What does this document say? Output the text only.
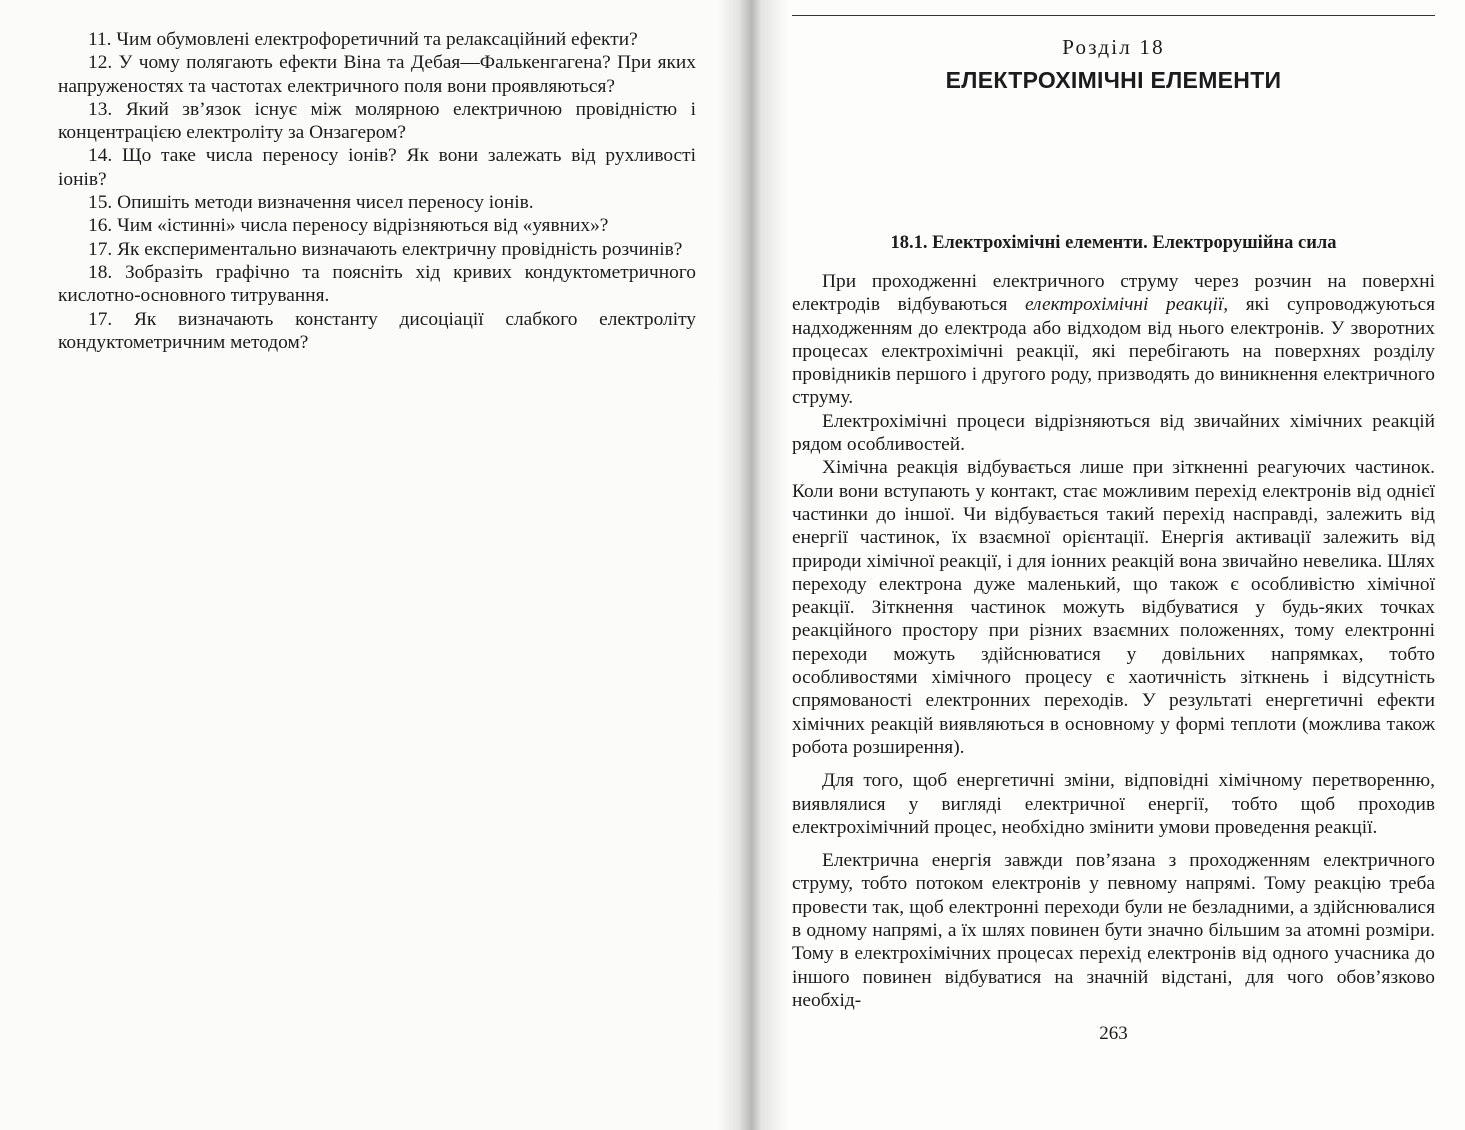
11. Чим обумовлені електрофоретичний та релаксаційний ефекти?

12. У чому полягають ефекти Віна та Дебая—Фалькенгагена? При яких напруженостях та частотах електричного поля вони проявляються?

13. Який зв’язок існує між молярною електричною провідністю і концентрацією електроліту за Онзагером?

14. Що таке числа переносу іонів? Як вони залежать від рухливості іонів?

15. Опишіть методи визначення чисел переносу іонів.

16. Чим «істинні» числа переносу відрізняються від «уявних»?

17. Як експериментально визначають електричну провідність розчинів?

18. Зобразіть графічно та поясніть хід кривих кондуктометричного кислотно-основного титрування.

17. Як визначають константу дисоціації слабкого електроліту кондуктометричним методом?

Розділ 18
ЕЛЕКТРОХІМІЧНІ ЕЛЕМЕНТИ
18.1. Електрохімічні елементи. Електрорушійна сила

При проходженні електричного струму через розчин на поверхні електродів відбуваються електрохімічні реакції, які супроводжуються надходженням до електрода або відходом від нього електронів. У зворотних процесах електрохімічні реакції, які перебігають на поверхнях розділу провідників першого і другого роду, призводять до виникнення електричного струму.

Електрохімічні процеси відрізняються від звичайних хімічних реакцій рядом особливостей.

Хімічна реакція відбувається лише при зіткненні реагуючих частинок. Коли вони вступають у контакт, стає можливим перехід електронів від однієї частинки до іншої. Чи відбувається такий перехід насправді, залежить від енергії частинок, їх взаємної орієнтації. Енергія активації залежить від природи хімічної реакції, і для іонних реакцій вона звичайно невелика. Шлях переходу електрона дуже маленький, що також є особливістю хімічної реакції. Зіткнення частинок можуть відбуватися у будь-яких точках реакційного простору при різних взаємних положеннях, тому електронні переходи можуть здійснюватися у довільних напрямках, тобто особливостями хімічного процесу є хаотичність зіткнень і відсутність спрямованості електронних переходів. У результаті енергетичні ефекти хімічних реакцій виявляються в основному у формі теплоти (можлива також робота розширення).

Для того, щоб енергетичні зміни, відповідні хімічному перетворенню, виявлялися у вигляді електричної енергії, тобто щоб проходив електрохімічний процес, необхідно змінити умови проведення реакції.

Електрична енергія завжди пов’язана з проходженням електричного струму, тобто потоком електронів у певному напрямі. Тому реакцію треба провести так, щоб електронні переходи були не безладними, а здійснювалися в одному напрямі, а їх шлях повинен бути значно більшим за атомні розміри. Тому в електрохімічних процесах перехід електронів від одного учасника до іншого повинен відбуватися на значній відстані, для чого обов’язково необхід-

263
